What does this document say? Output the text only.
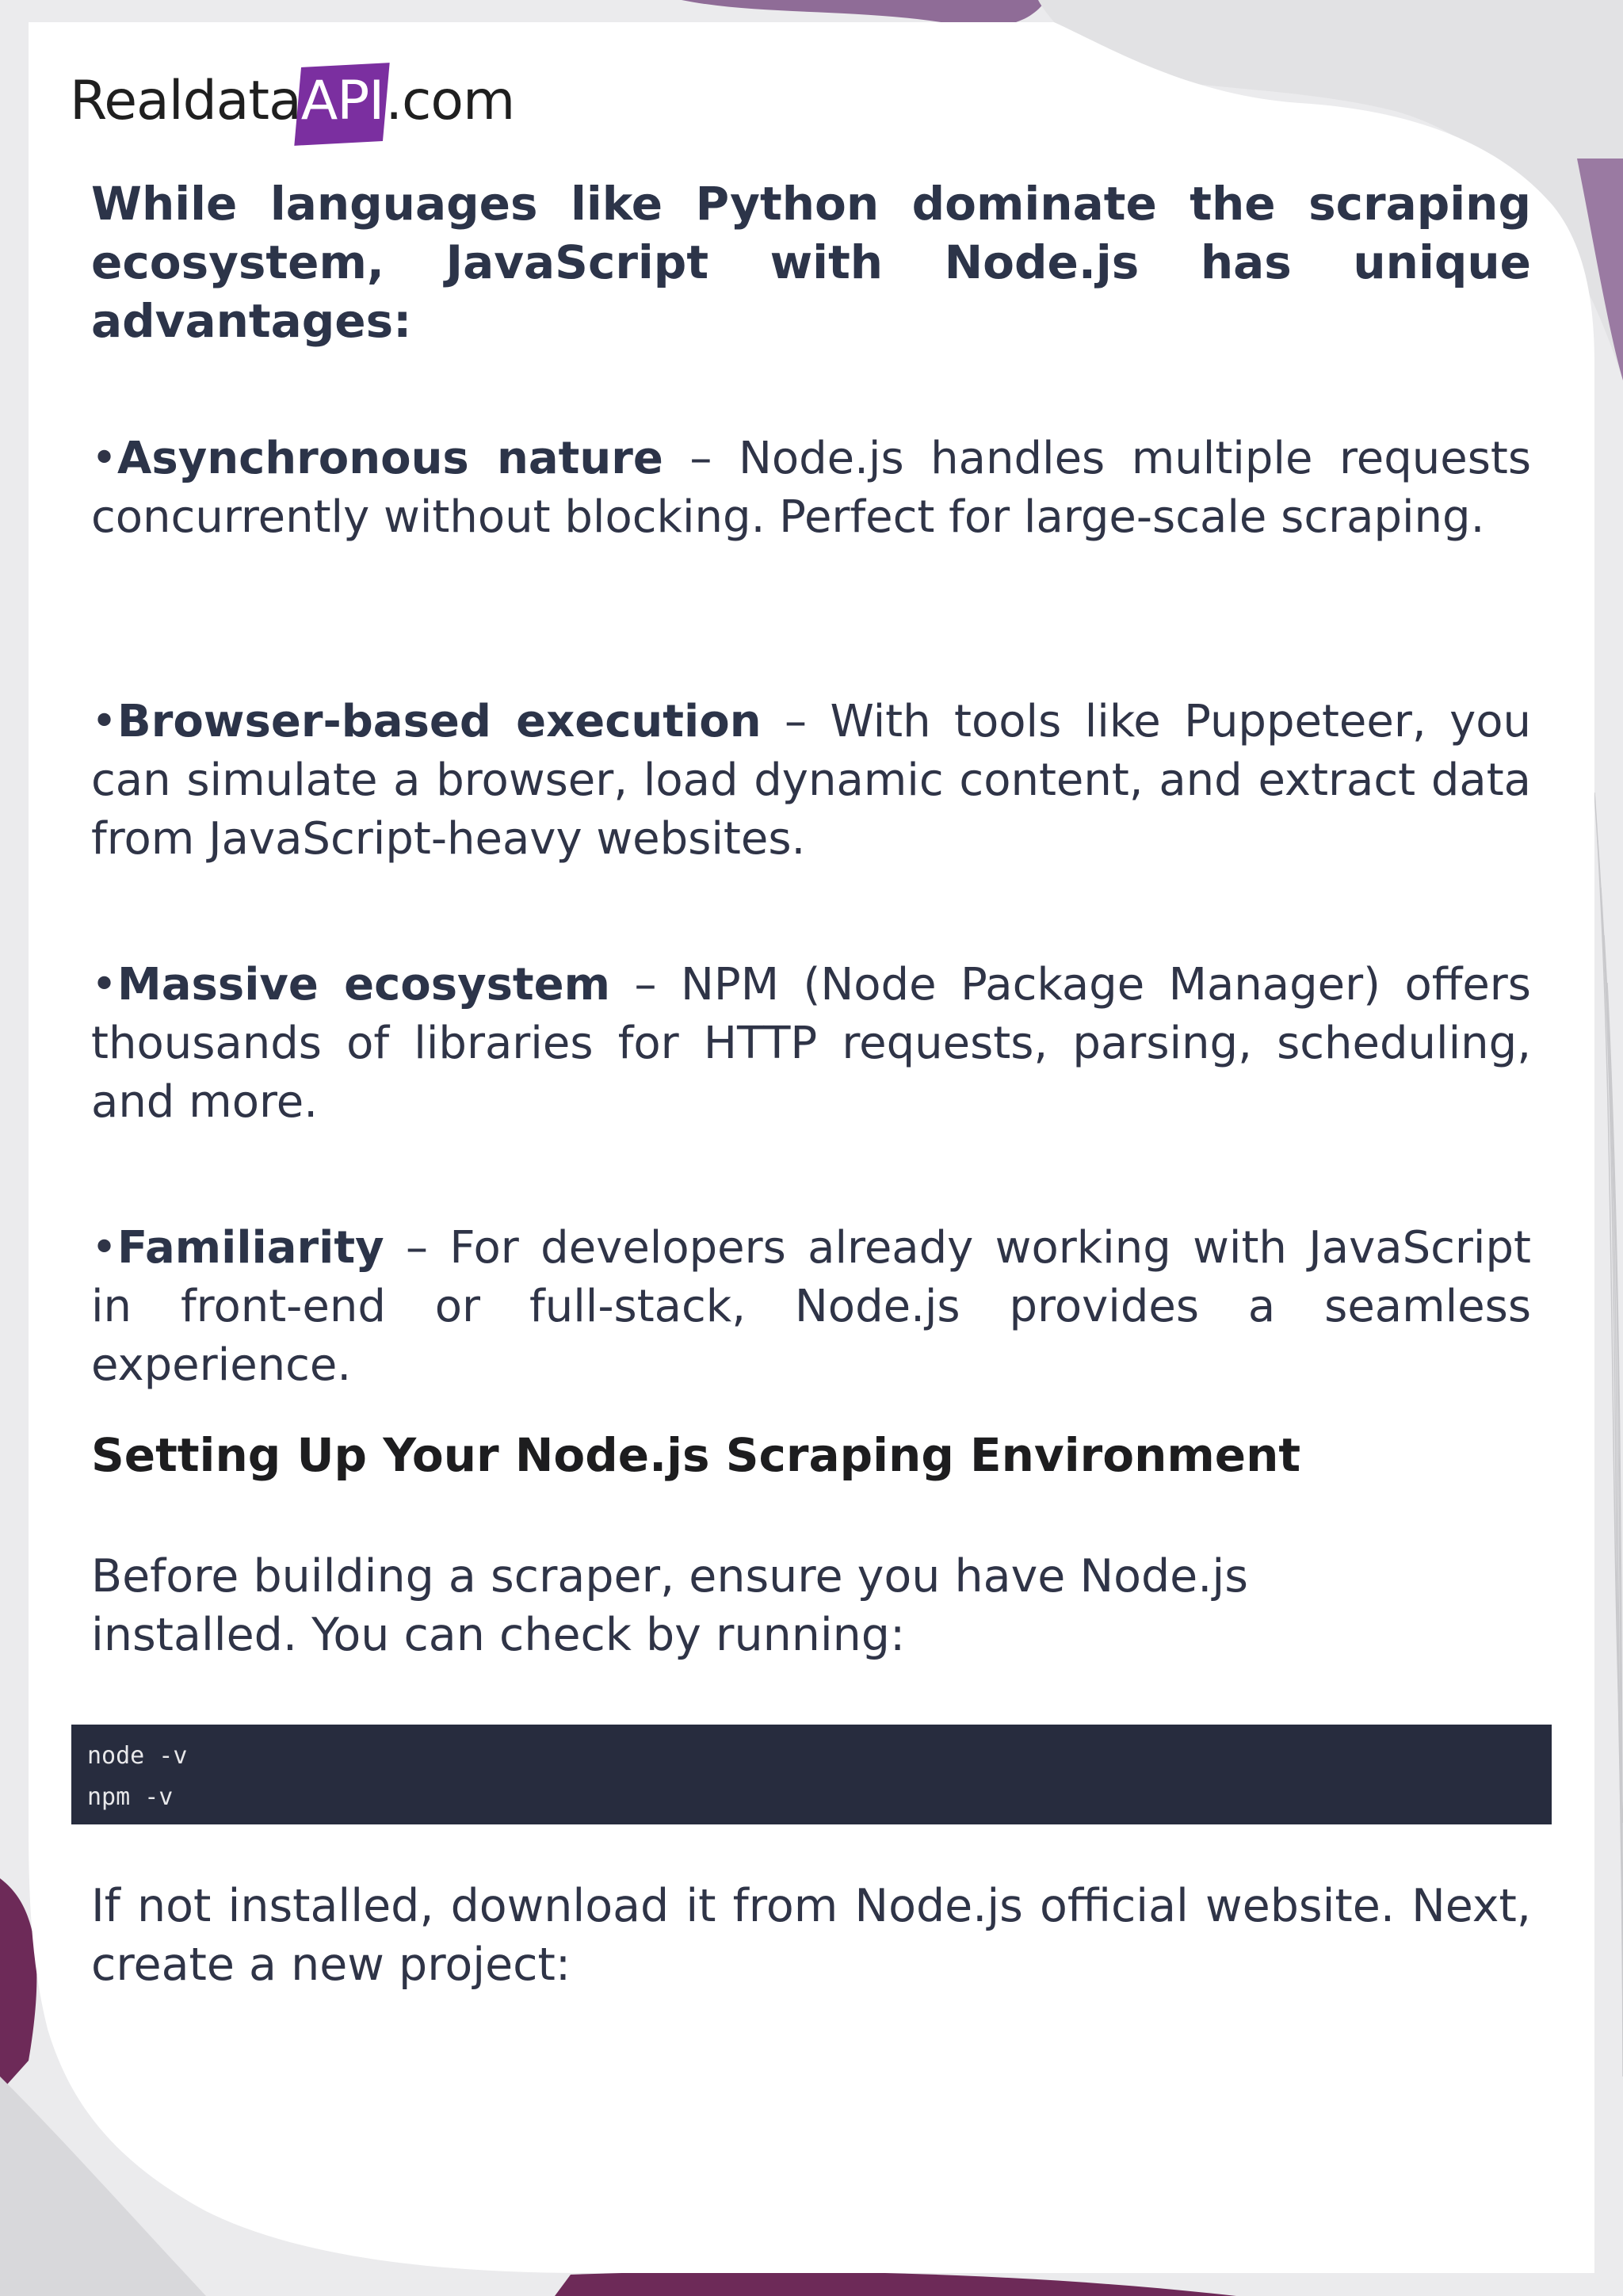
RealdataAPI.com

While languages like Python dominate the scraping ecosystem, JavaScript with Node.js has unique advantages:

•Asynchronous nature – Node.js handles multiple requests concurrently without blocking. Perfect for large-scale scraping.

•Browser-based execution – With tools like Puppeteer, you can simulate a browser, load dynamic content, and extract data from JavaScript-heavy websites.

•Massive ecosystem – NPM (Node Package Manager) offers thousands of libraries for HTTP requests, parsing, scheduling, and more.

•Familiarity – For developers already working with JavaScript in front-end or full-stack, Node.js provides a seamless experience.

Setting Up Your Node.js Scraping Environment

Before building a scraper, ensure you have Node.js installed. You can check by running:

If not installed, download it from Node.js official website. Next, create a new project:

node -v
npm -v
